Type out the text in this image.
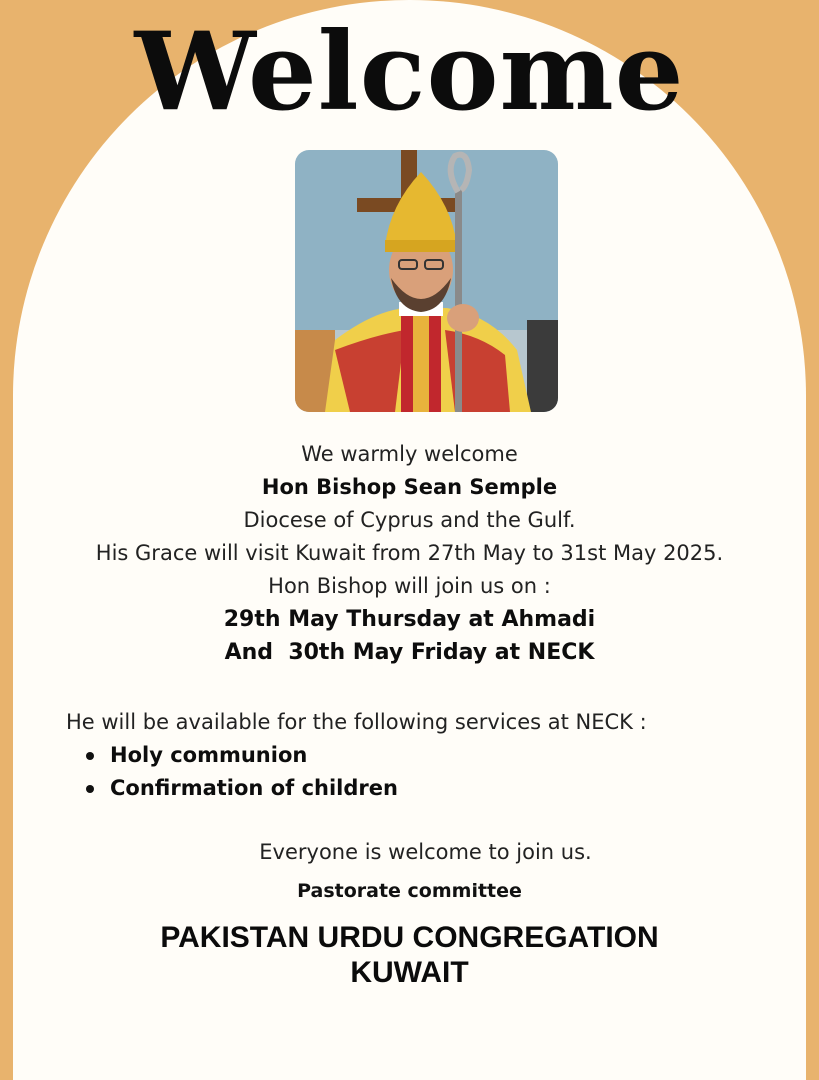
Welcome
We warmly welcome
Hon Bishop Sean Semple
Diocese of Cyprus and the Gulf.
His Grace will visit Kuwait from 27th May to 31st May 2025.
Hon Bishop will join us on :
29th May Thursday at Ahmadi
And  30th May Friday at NECK
He will be available for the following services at NECK :
Holy communion
Confirmation of children
Everyone is welcome to join us.
Pastorate committee
PAKISTAN URDU CONGREGATION
KUWAIT
